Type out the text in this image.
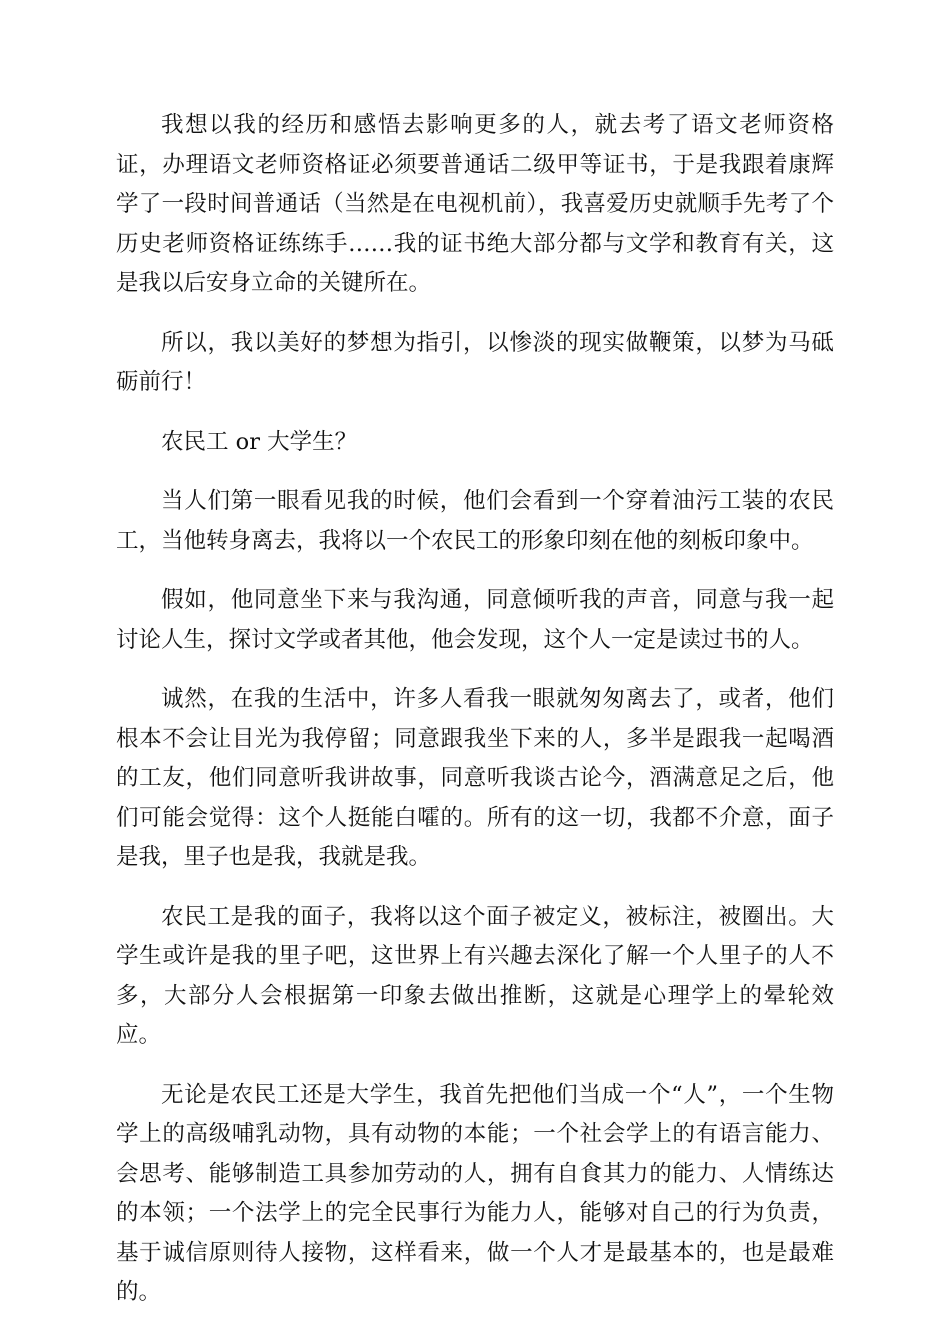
我想以我的经历和感悟去影响更多的人，就去考了语文老师资格证，办理语文老师资格证必须要普通话二级甲等证书，于是我跟着康辉学了一段时间普通话（当然是在电视机前），我喜爱历史就顺手先考了个历史老师资格证练练手……我的证书绝大部分都与文学和教育有关，这是我以后安身立命的关键所在。

所以，我以美好的梦想为指引，以惨淡的现实做鞭策，以梦为马砥砺前行！

农民工 or 大学生？

当人们第一眼看见我的时候，他们会看到一个穿着油污工装的农民工，当他转身离去，我将以一个农民工的形象印刻在他的刻板印象中。

假如，他同意坐下来与我沟通，同意倾听我的声音，同意与我一起讨论人生，探讨文学或者其他，他会发现，这个人一定是读过书的人。

诚然，在我的生活中，许多人看我一眼就匆匆离去了，或者，他们根本不会让目光为我停留；同意跟我坐下来的人，多半是跟我一起喝酒的工友，他们同意听我讲故事，同意听我谈古论今，酒满意足之后，他们可能会觉得：这个人挺能白嚯的。所有的这一切，我都不介意，面子是我，里子也是我，我就是我。

农民工是我的面子，我将以这个面子被定义，被标注，被圈出。大学生或许是我的里子吧，这世界上有兴趣去深化了解一个人里子的人不多，大部分人会根据第一印象去做出推断，这就是心理学上的晕轮效应。

无论是农民工还是大学生，我首先把他们当成一个“人”，一个生物学上的高级哺乳动物，具有动物的本能；一个社会学上的有语言能力、会思考、能够制造工具参加劳动的人，拥有自食其力的能力、人情练达的本领；一个法学上的完全民事行为能力人，能够对自己的行为负责，基于诚信原则待人接物，这样看来，做一个人才是最基本的，也是最难的。
